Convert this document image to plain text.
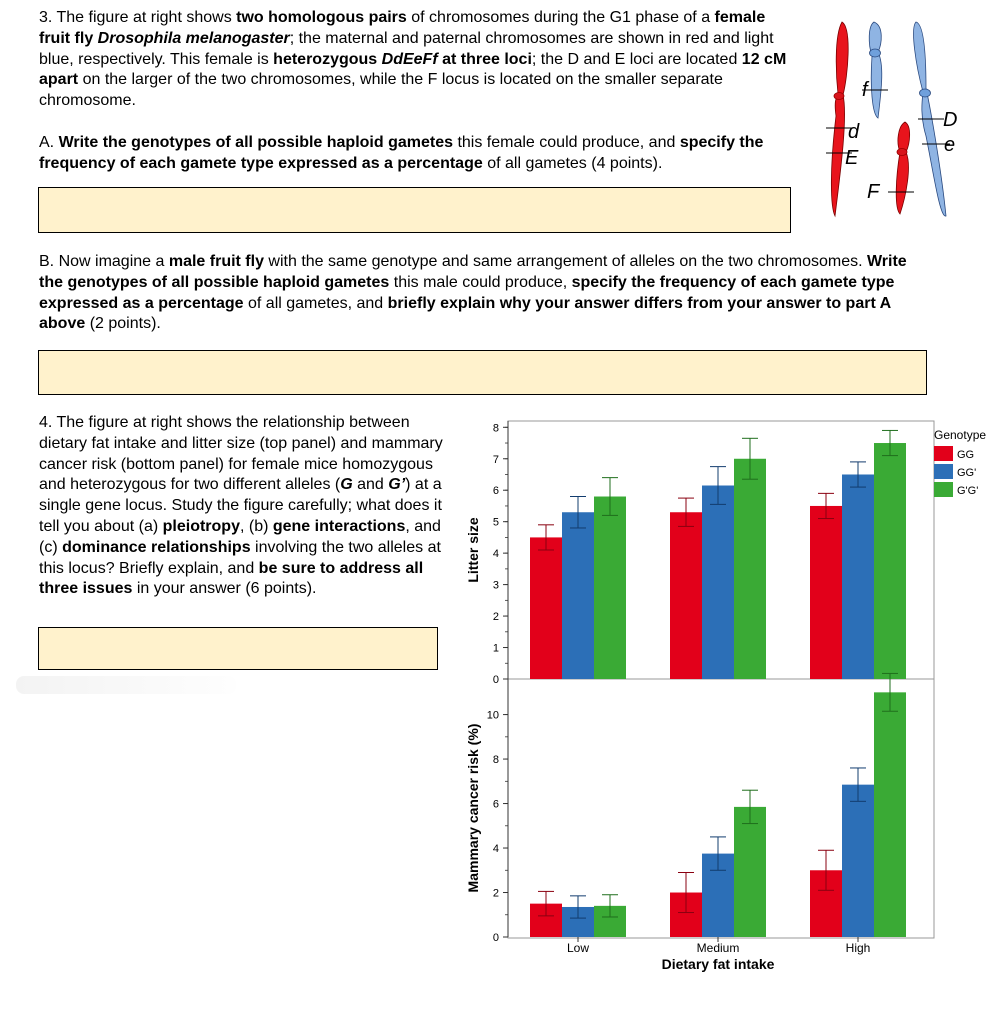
3. The figure at right shows two homologous pairs of chromosomes during the G1 phase of a female fruit fly Drosophila melanogaster; the maternal and paternal chromosomes are shown in red and light blue, respectively. This female is heterozygous DdEeFf at three loci; the D and E loci are located 12 cM apart on the larger of the two chromosomes, while the F locus is located on the smaller separate chromosome.

A. Write the genotypes of all possible haploid gametes this female could produce, and specify the frequency of each gamete type expressed as a percentage of all gametes (4 points).

d
E
f
F
D
e

B. Now imagine a male fruit fly with the same genotype and same arrangement of alleles on the two chromosomes. Write the genotypes of all possible haploid gametes this male could produce, specify the frequency of each gamete type expressed as a percentage of all gametes, and briefly explain why your answer differs from your answer to part A above (2 points).

4. The figure at right shows the relationship between dietary fat intake and litter size (top panel) and mammary cancer risk (bottom panel) for female mice homozygous and heterozygous for two different alleles (G and G’) at a single gene locus. Study the figure carefully; what does it tell you about (a) pleiotropy, (b) gene interactions, and (c) dominance relationships involving the two alleles at this locus? Briefly explain, and be sure to address all three issues in your answer (6 points).

0
1
2
3
4
5
6
7
8
0
2
4
6
8
10
Low	Medium	High
Litter size
Mammary cancer risk (%)
Dietary fat intake
Genotype
GG
GG'
G'G'
